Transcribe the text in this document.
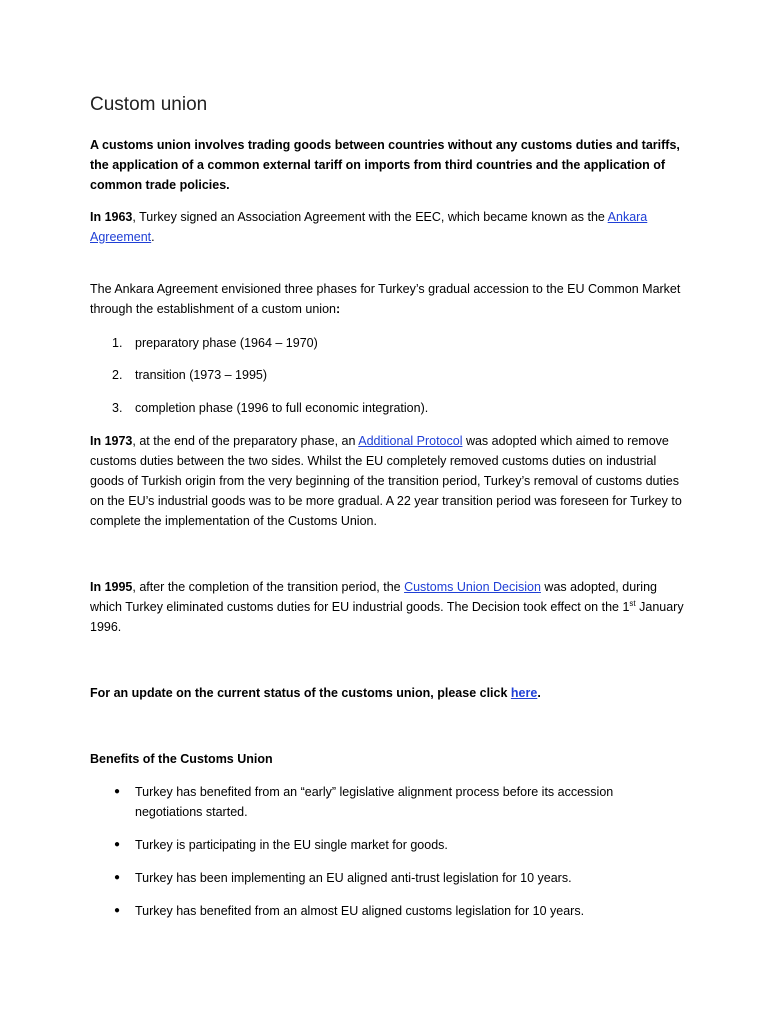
Custom union

A customs union involves trading goods between countries without any customs duties and tariffs, the application of a common external tariff on imports from third countries and the application of common trade policies.

In 1963, Turkey signed an Association Agreement with the EEC, which became known as the Ankara Agreement.

The Ankara Agreement envisioned three phases for Turkey’s gradual accession to the EU Common Market through the establishment of a custom union:

1. preparatory phase (1964 – 1970)
2. transition (1973 – 1995)
3. completion phase (1996 to full economic integration).

In 1973, at the end of the preparatory phase, an Additional Protocol was adopted which aimed to remove customs duties between the two sides. Whilst the EU completely removed customs duties on industrial goods of Turkish origin from the very beginning of the transition period, Turkey’s removal of customs duties on the EU’s industrial goods was to be more gradual. A 22 year transition period was foreseen for Turkey to complete the implementation of the Customs Union.

In 1995, after the completion of the transition period, the Customs Union Decision was adopted, during which Turkey eliminated customs duties for EU industrial goods. The Decision took effect on the 1st January 1996.

For an update on the current status of the customs union, please click here.

Benefits of the Customs Union

● Turkey has benefited from an “early” legislative alignment process before its accession negotiations started.
● Turkey is participating in the EU single market for goods.
● Turkey has been implementing an EU aligned anti-trust legislation for 10 years.
● Turkey has benefited from an almost EU aligned customs legislation for 10 years.
